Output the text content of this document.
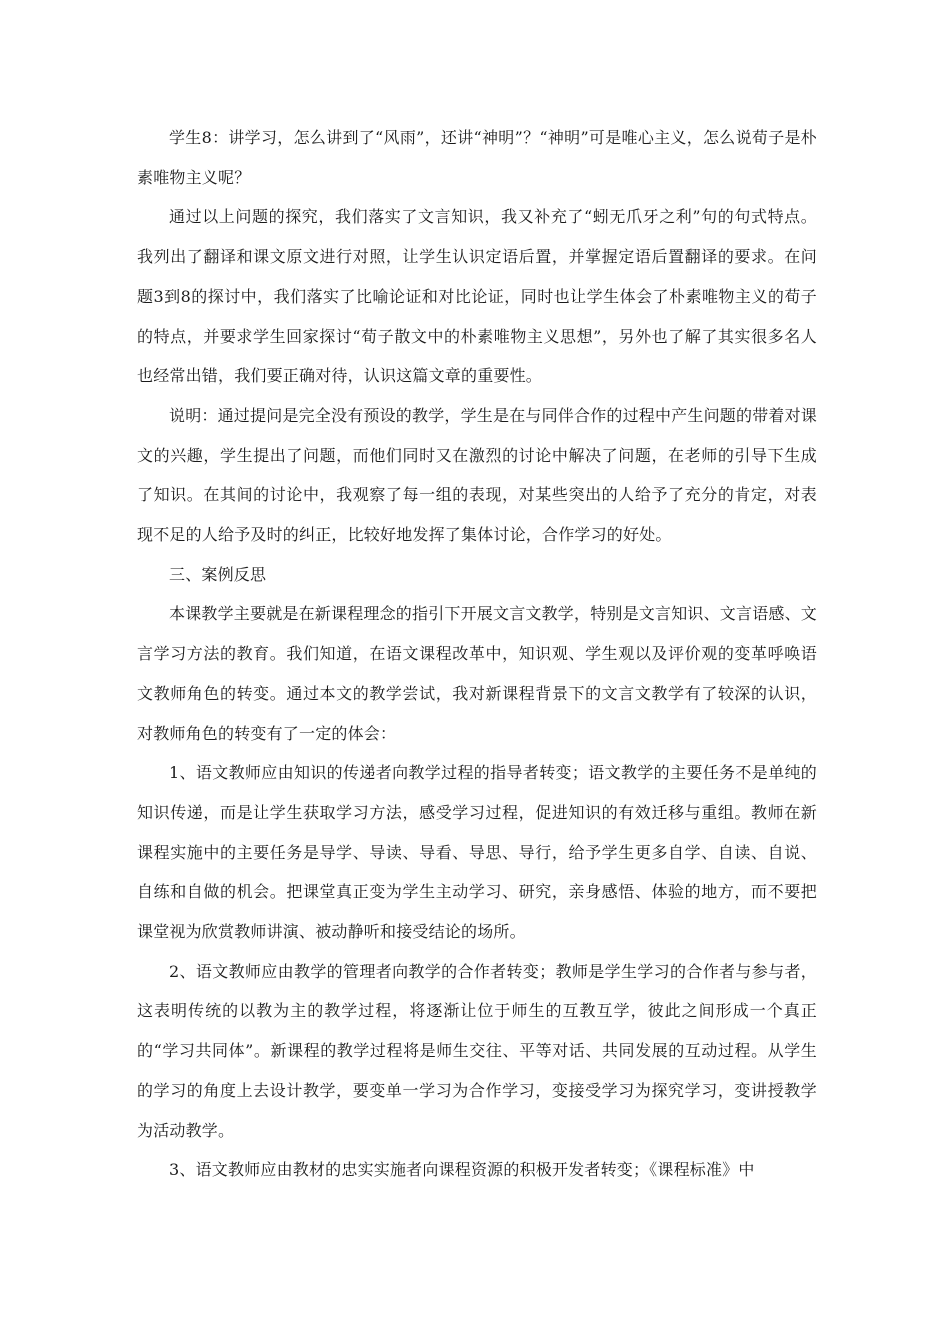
学生8：讲学习，怎么讲到了“风雨”，还讲“神明”？“神明”可是唯心主义，怎么说荀子是朴素唯物主义呢？

通过以上问题的探究，我们落实了文言知识，我又补充了“蚓无爪牙之利”句的句式特点。我列出了翻译和课文原文进行对照，让学生认识定语后置，并掌握定语后置翻译的要求。在问题3到8的探讨中，我们落实了比喻论证和对比论证，同时也让学生体会了朴素唯物主义的荀子的特点，并要求学生回家探讨“荀子散文中的朴素唯物主义思想”，另外也了解了其实很多名人也经常出错，我们要正确对待，认识这篇文章的重要性。

说明：通过提问是完全没有预设的教学，学生是在与同伴合作的过程中产生问题的带着对课文的兴趣，学生提出了问题，而他们同时又在激烈的讨论中解决了问题，在老师的引导下生成了知识。在其间的讨论中，我观察了每一组的表现，对某些突出的人给予了充分的肯定，对表现不足的人给予及时的纠正，比较好地发挥了集体讨论，合作学习的好处。

三、案例反思

本课教学主要就是在新课程理念的指引下开展文言文教学，特别是文言知识、文言语感、文言学习方法的教育。我们知道，在语文课程改革中，知识观、学生观以及评价观的变革呼唤语文教师角色的转变。通过本文的教学尝试，我对新课程背景下的文言文教学有了较深的认识，对教师角色的转变有了一定的体会：

1、语文教师应由知识的传递者向教学过程的指导者转变；语文教学的主要任务不是单纯的知识传递，而是让学生获取学习方法，感受学习过程，促进知识的有效迁移与重组。教师在新课程实施中的主要任务是导学、导读、导看、导思、导行，给予学生更多自学、自读、自说、自练和自做的机会。把课堂真正变为学生主动学习、研究，亲身感悟、体验的地方，而不要把课堂视为欣赏教师讲演、被动静听和接受结论的场所。

2、语文教师应由教学的管理者向教学的合作者转变；教师是学生学习的合作者与参与者，这表明传统的以教为主的教学过程，将逐渐让位于师生的互教互学，彼此之间形成一个真正的“学习共同体”。新课程的教学过程将是师生交往、平等对话、共同发展的互动过程。从学生的学习的角度上去设计教学，要变单一学习为合作学习，变接受学习为探究学习，变讲授教学为活动教学。

3、语文教师应由教材的忠实实施者向课程资源的积极开发者转变；《课程标准》中
